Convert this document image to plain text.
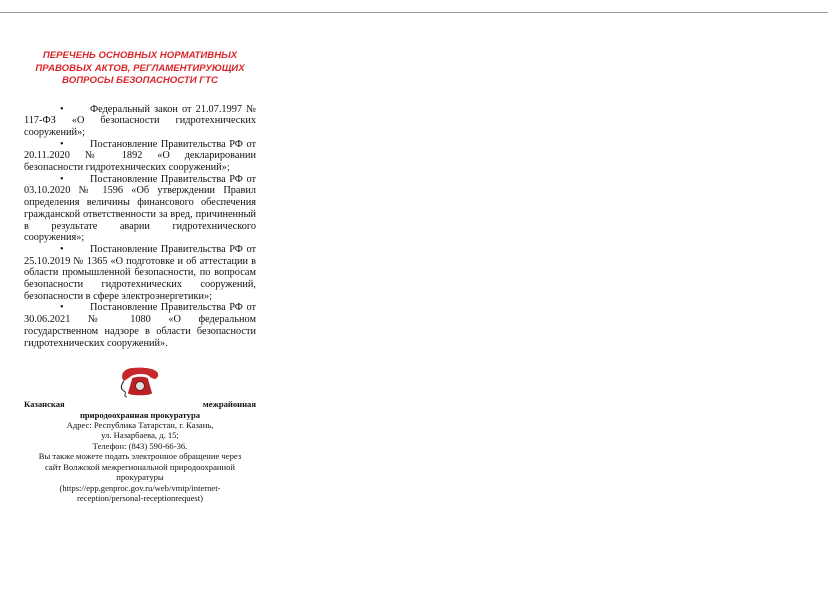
ПЕРЕЧЕНЬ ОСНОВНЫХ НОРМАТИВНЫХ
ПРАВОВЫХ АКТОВ, РЕГЛАМЕНТИРУЮЩИХ
ВОПРОСЫ БЕЗОПАСНОСТИ ГТС
•	Федеральный закон от 21.07.1997 № 117-ФЗ «О безопасности гидротехнических сооружений»;
•	Постановление Правительства РФ от 20.11.2020 № 1892 «О декларировании безопасности гидротехнических сооружений»;
•	Постановление Правительства РФ от 03.10.2020 № 1596 «Об утверждении Правил определения величины финансового обеспечения гражданской ответственности за вред, причиненный в результате аварии гидротехнического сооружения»;
•	Постановление Правительства РФ от 25.10.2019 № 1365 «О подготовке и об аттестации в области промышленной безопасности, по вопросам безопасности гидротехнических сооружений, безопасности в сфере электроэнергетики»;
•	Постановление Правительства РФ от 30.06.2021 № 1080 «О федеральном государственном надзоре в области безопасности гидротехнических сооружений».
Казанская межрайонная
природоохранная прокуратура
Адрес: Республика Татарстан, г. Казань,
ул. Назарбаева, д. 15;
Телефон: (843) 590-66-36.
Вы также можете подать электронное обращение через
сайт Волжской межрегиональной природоохранной
прокуратуры
(https://epp.genproc.gov.ru/web/vmtp/internet-
reception/personal-receptionrequest)
